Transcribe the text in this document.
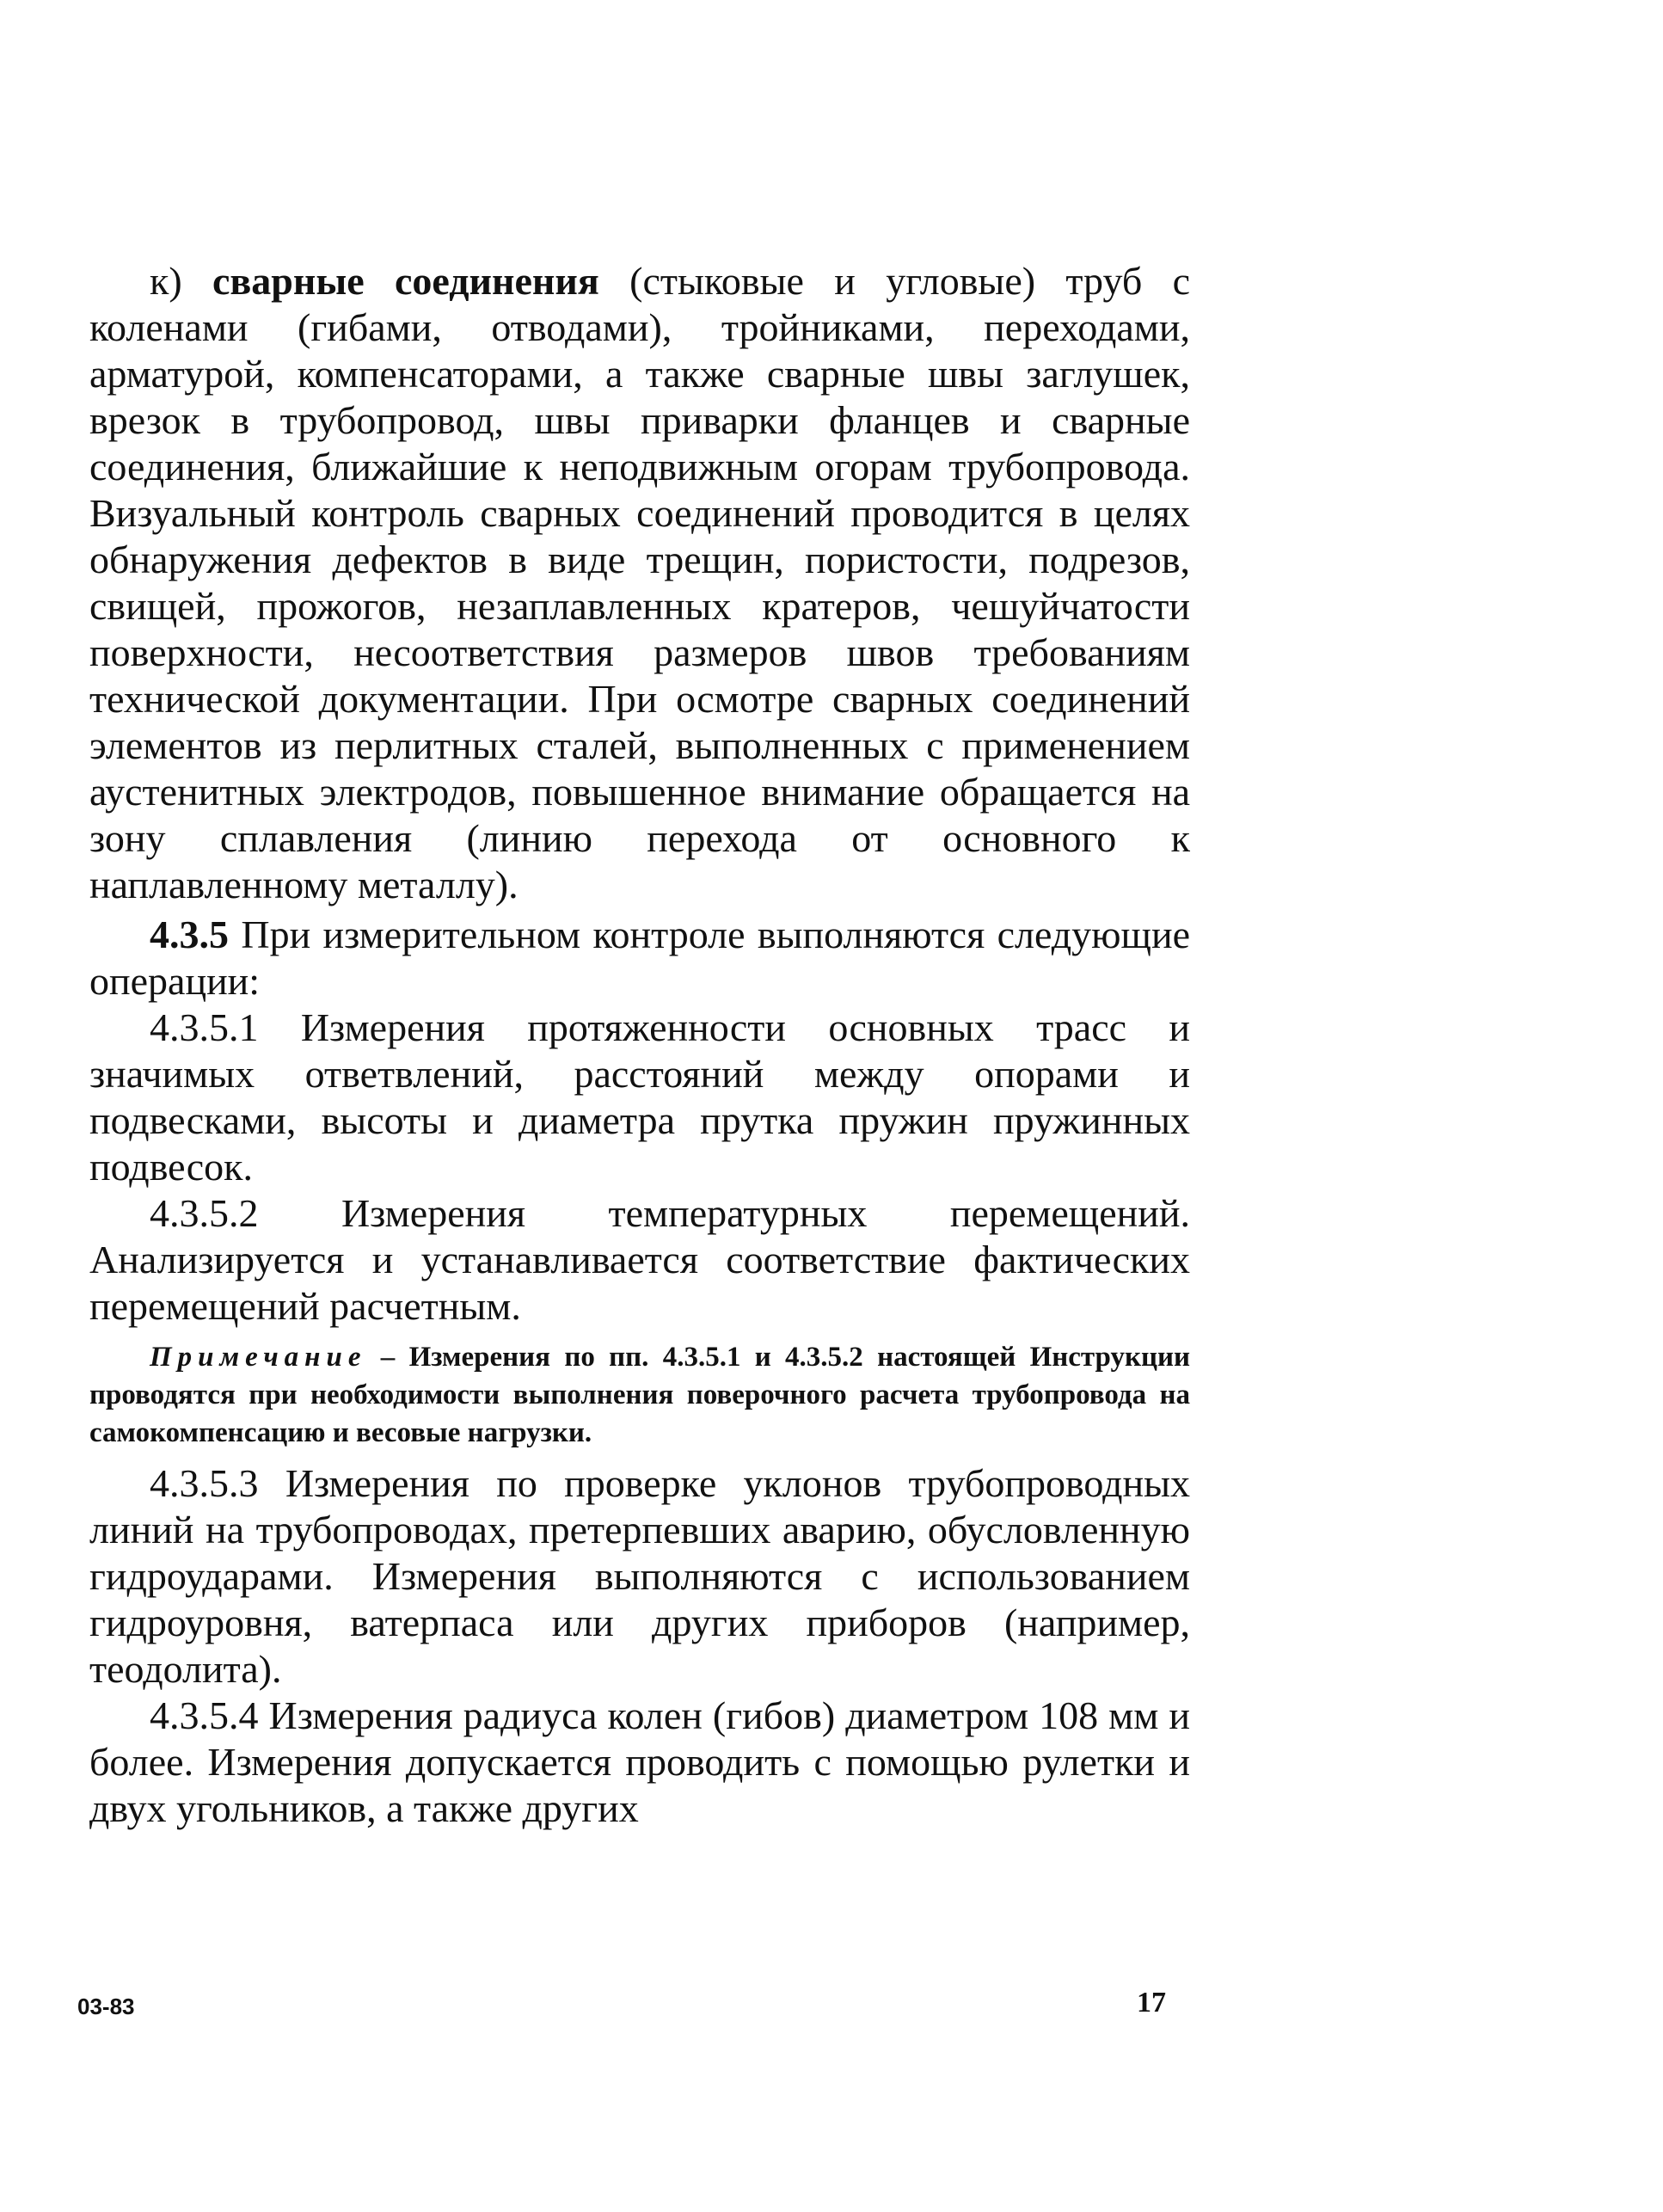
к) сварные соединения (стыковые и угловые) труб с коленами (гибами, отводами), тройниками, переходами, арматурой, компенсаторами, а также сварные швы заглушек, врезок в трубопровод, швы приварки фланцев и сварные соединения, ближайшие к неподвижным огорам трубопровода. Визуальный контроль сварных соединений проводится в целях обнаружения дефектов в виде трещин, пористости, подрезов, свищей, прожогов, незаплавленных кратеров, чешуйчатости поверхности, несоответствия размеров швов требованиям технической документации. При осмотре сварных соединений элементов из перлитных сталей, выполненных с применением аустенитных электродов, повышенное внимание обращается на зону сплавления (линию перехода от основного к наплавленному металлу).

4.3.5 При измерительном контроле выполняются следующие операции:

4.3.5.1 Измерения протяженности основных трасс и значимых ответвлений, расстояний между опорами и подвесками, высоты и диаметра прутка пружин пружинных подвесок.

4.3.5.2 Измерения температурных перемещений. Анализируется и устанавливается соответствие фактических перемещений расчетным.

Примечание – Измерения по пп. 4.3.5.1 и 4.3.5.2 настоящей Инструкции проводятся при необходимости выполнения поверочного расчета трубопровода на самокомпенсацию и весовые нагрузки.

4.3.5.3 Измерения по проверке уклонов трубопроводных линий на трубопроводах, претерпевших аварию, обусловленную гидроударами. Измерения выполняются с использованием гидроуровня, ватерпаса или других приборов (например, теодолита).

4.3.5.4 Измерения радиуса колен (гибов) диаметром 108 мм и более. Измерения допускается проводить с помощью рулетки и двух угольников, а также других

03-83	17
